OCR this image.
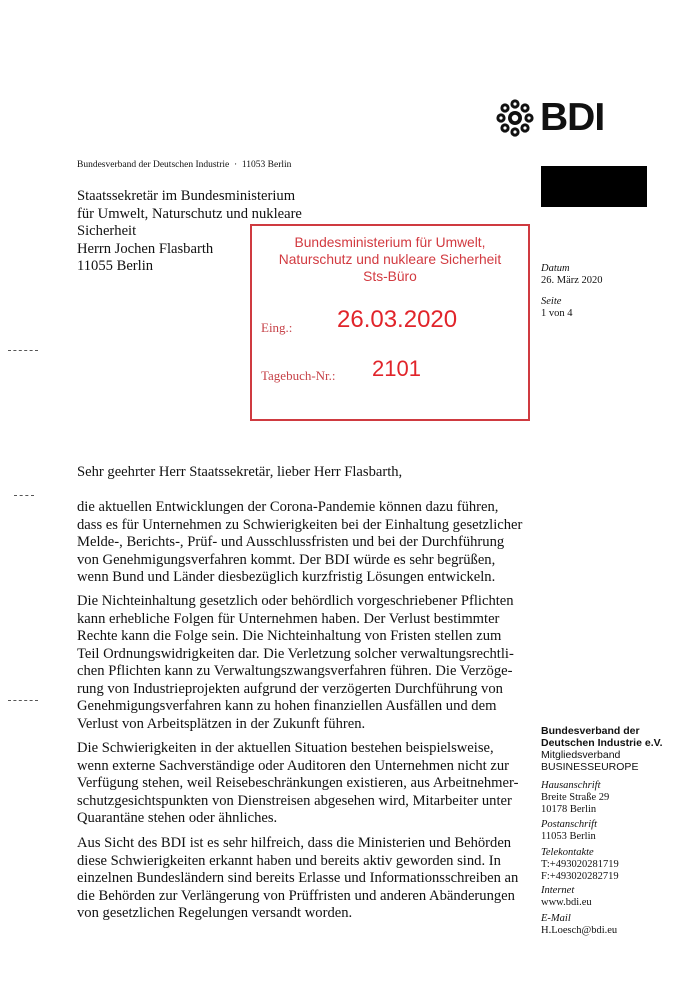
BDI
Bundesverband der Deutschen Industrie  ·  11053 Berlin
Staatssekretär im Bundesministerium
für Umwelt, Naturschutz und nukleare
Sicherheit
Herrn Jochen Flasbarth
11055 Berlin
Bundesministerium für Umwelt,
Naturschutz und nukleare Sicherheit
Sts-Büro
Eing.: 26.03.2020
Tagebuch-Nr.: 2101
Datum
26. März 2020
Seite
1 von 4

Sehr geehrter Herr Staatssekretär, lieber Herr Flasbarth,

die aktuellen Entwicklungen der Corona-Pandemie können dazu führen,

dass es für Unternehmen zu Schwierigkeiten bei der Einhaltung gesetzlicher

Melde-, Berichts-, Prüf- und Ausschlussfristen und bei der Durchführung

von Genehmigungsverfahren kommt. Der BDI würde es sehr begrüßen,

wenn Bund und Länder diesbezüglich kurzfristig Lösungen entwickeln.

Die Nichteinhaltung gesetzlich oder behördlich vorgeschriebener Pflichten

kann erhebliche Folgen für Unternehmen haben. Der Verlust bestimmter

Rechte kann die Folge sein. Die Nichteinhaltung von Fristen stellen zum

Teil Ordnungswidrigkeiten dar. Die Verletzung solcher verwaltungsrechtli-

chen Pflichten kann zu Verwaltungszwangsverfahren führen. Die Verzöge-

rung von Industrieprojekten aufgrund der verzögerten Durchführung von

Genehmigungsverfahren kann zu hohen finanziellen Ausfällen und dem

Verlust von Arbeitsplätzen in der Zukunft führen.

Die Schwierigkeiten in der aktuellen Situation bestehen beispielsweise,

wenn externe Sachverständige oder Auditoren den Unternehmen nicht zur

Verfügung stehen, weil Reisebeschränkungen existieren, aus Arbeitnehmer-

schutzgesichtspunkten von Dienstreisen abgesehen wird, Mitarbeiter unter

Quarantäne stehen oder ähnliches.

Aus Sicht des BDI ist es sehr hilfreich, dass die Ministerien und Behörden

diese Schwierigkeiten erkannt haben und bereits aktiv geworden sind. In

einzelnen Bundesländern sind bereits Erlasse und Informationsschreiben an

die Behörden zur Verlängerung von Prüffristen und anderen Abänderungen

von gesetzlichen Regelungen versandt worden.

Bundesverband der
Deutschen Industrie e.V.
Mitgliedsverband
BUSINESSEUROPE
Hausanschrift
Breite Straße 29
10178 Berlin
Postanschrift
11053 Berlin
Telekontakte
T:+493020281719
F:+493020282719
Internet
www.bdi.eu
E-Mail
H.Loesch@bdi.eu
